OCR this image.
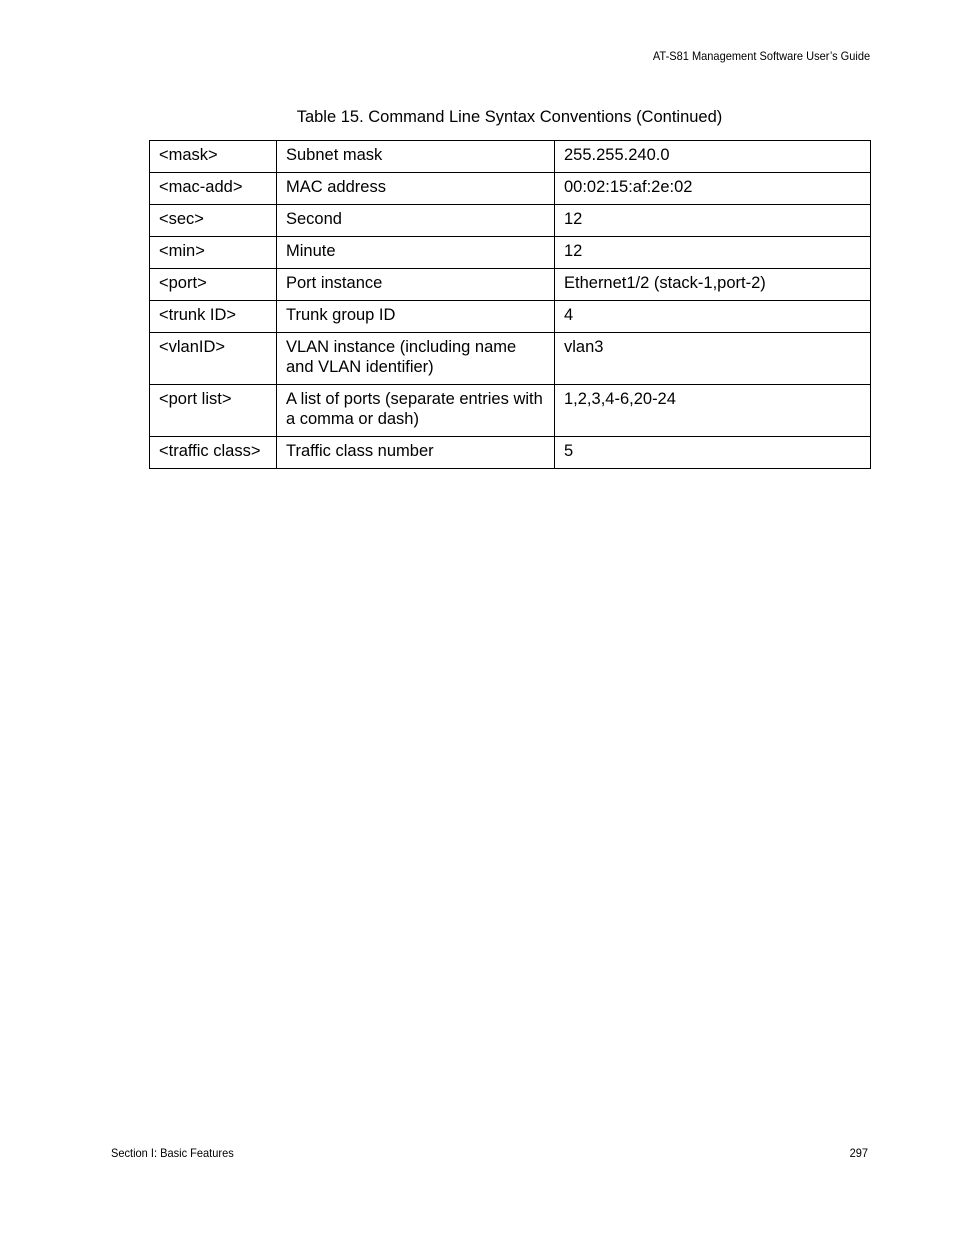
AT-S81 Management Software User’s Guide
Table 15. Command Line Syntax Conventions (Continued)
<mask>	Subnet mask	255.255.240.0
<mac-add>	MAC address	00:02:15:af:2e:02
<sec>	Second	12
<min>	Minute	12
<port>	Port instance	Ethernet1/2 (stack-1,port-2)
<trunk ID>	Trunk group ID	4
<vlanID>	VLAN instance (including name and VLAN identifier)	vlan3
<port list>	A list of ports (separate entries with a comma or dash)	1,2,3,4-6,20-24
<traffic class>	Traffic class number	5
Section I: Basic Features	297
